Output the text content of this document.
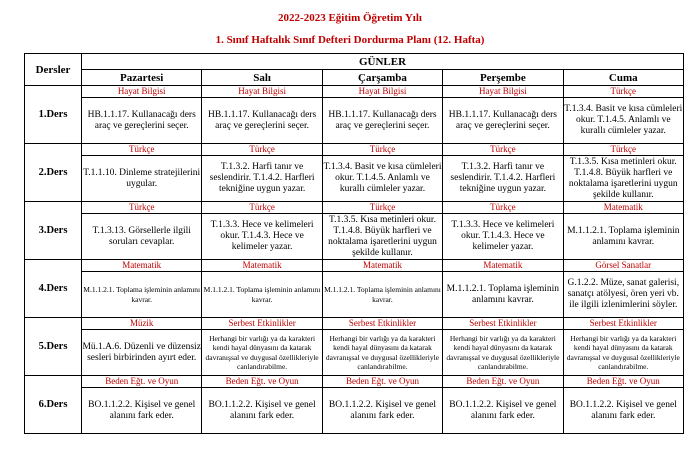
2022-2023 Eğitim Öğretim Yılı
1. Sınıf Haftalık Sınıf Defteri Dordurma Planı (12. Hafta)
Dersler	GÜNLER				
	Pazartesi	Salı	Çarşamba	Perşembe	Cuma
1.Ders	Hayat Bilgisi	Hayat Bilgisi	Hayat Bilgisi	Hayat Bilgisi	Türkçe
	HB.1.1.17. Kullanacağı ders araç ve gereçlerini seçer.	HB.1.1.17. Kullanacağı ders araç ve gereçlerini seçer.	HB.1.1.17. Kullanacağı ders araç ve gereçlerini seçer.	HB.1.1.17. Kullanacağı ders araç ve gereçlerini seçer.	T.1.3.4. Basit ve kısa cümleleri okur. T.1.4.5. Anlamlı ve kurallı cümleler yazar.
2.Ders	Türkçe	Türkçe	Türkçe	Türkçe	Türkçe
	T.1.1.10. Dinleme stratejilerini uygular.	T.1.3.2. Harfi tanır ve seslendirir. T.1.4.2. Harfleri tekniğine uygun yazar.	T.1.3.4. Basit ve kısa cümleleri okur. T.1.4.5. Anlamlı ve kurallı cümleler yazar.	T.1.3.2. Harfi tanır ve seslendirir. T.1.4.2. Harfleri tekniğine uygun yazar.	T.1.3.5. Kısa metinleri okur. T.1.4.8. Büyük harfleri ve noktalama işaretlerini uygun şekilde kullanır.
3.Ders	Türkçe	Türkçe	Türkçe	Türkçe	Matematik
	T.1.3.13. Görsellerle ilgili soruları cevaplar.	T.1.3.3. Hece ve kelimeleri okur. T.1.4.3. Hece ve kelimeler yazar.	T.1.3.5. Kısa metinleri okur. T.1.4.8. Büyük harfleri ve noktalama işaretlerini uygun şekilde kullanır.	T.1.3.3. Hece ve kelimeleri okur. T.1.4.3. Hece ve kelimeler yazar.	M.1.1.2.1. Toplama işleminin anlamını kavrar.
4.Ders	Matematik	Matematik	Matematik	Matematik	Görsel Sanatlar
	M.1.1.2.1. Toplama işleminin anlamını kavrar.	M.1.1.2.1. Toplama işleminin anlamını kavrar.	M.1.1.2.1. Toplama işleminin anlamını kavrar.	M.1.1.2.1. Toplama işleminin anlamını kavrar.	G.1.2.2. Müze, sanat galerisi, sanatçı atölyesi, ören yeri vb. ile ilgili izlenimlerini söyler.
5.Ders	Müzik	Serbest Etkinlikler	Serbest Etkinlikler	Serbest Etkinlikler	Serbest Etkinlikler
	Mü.1.A.6. Düzenli ve düzensiz sesleri birbirinden ayırt eder.	Herhangi bir varlığı ya da karakteri kendi hayal dünyasını da katarak davranışsal ve duygusal özellikleriyle canlandırabilme.	Herhangi bir varlığı ya da karakteri kendi hayal dünyasını da katarak davranışsal ve duygusal özellikleriyle canlandırabilme.	Herhangi bir varlığı ya da karakteri kendi hayal dünyasını da katarak davranışsal ve duygusal özellikleriyle canlandırabilme.	Herhangi bir varlığı ya da karakteri kendi hayal dünyasını da katarak davranışsal ve duygusal özellikleriyle canlandırabilme.
6.Ders	Beden Eğt. ve Oyun	Beden Eğt. ve Oyun	Beden Eğt. ve Oyun	Beden Eğt. ve Oyun	Beden Eğt. ve Oyun
	BO.1.1.2.2. Kişisel ve genel alanını fark eder.	BO.1.1.2.2. Kişisel ve genel alanını fark eder.	BO.1.1.2.2. Kişisel ve genel alanını fark eder.	BO.1.1.2.2. Kişisel ve genel alanını fark eder.	BO.1.1.2.2. Kişisel ve genel alanını fark eder.
